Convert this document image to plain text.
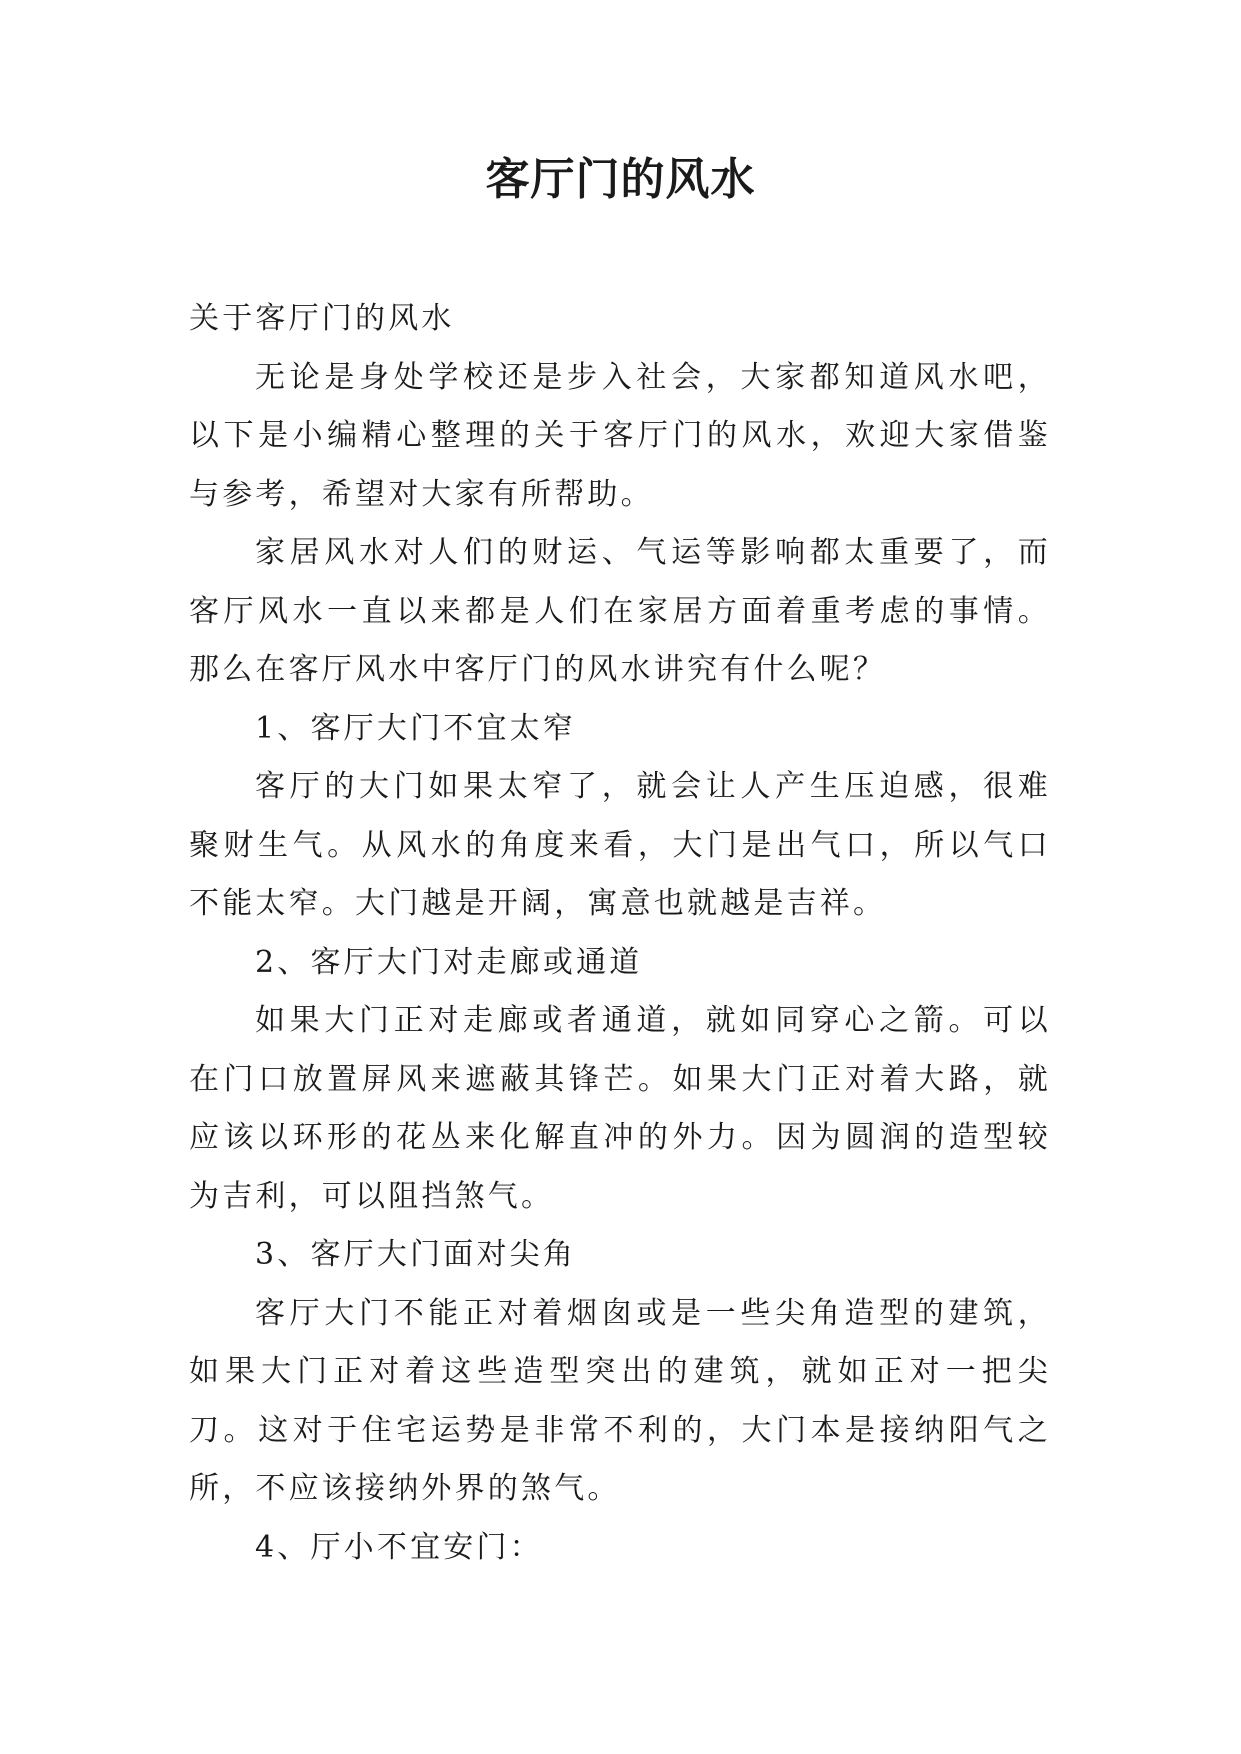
客厅门的风水

关于客厅门的风水

无论是身处学校还是步入社会，大家都知道风水吧，以下是小编精心整理的关于客厅门的风水，欢迎大家借鉴与参考，希望对大家有所帮助。

家居风水对人们的财运、气运等影响都太重要了，而客厅风水一直以来都是人们在家居方面着重考虑的事情。那么在客厅风水中客厅门的风水讲究有什么呢？

1、客厅大门不宜太窄

客厅的大门如果太窄了，就会让人产生压迫感，很难聚财生气。从风水的角度来看，大门是出气口，所以气口不能太窄。大门越是开阔，寓意也就越是吉祥。

2、客厅大门对走廊或通道

如果大门正对走廊或者通道，就如同穿心之箭。可以在门口放置屏风来遮蔽其锋芒。如果大门正对着大路，就应该以环形的花丛来化解直冲的外力。因为圆润的造型较为吉利，可以阻挡煞气。

3、客厅大门面对尖角

客厅大门不能正对着烟囱或是一些尖角造型的建筑，如果大门正对着这些造型突出的建筑，就如正对一把尖刀。这对于住宅运势是非常不利的，大门本是接纳阳气之所，不应该接纳外界的煞气。

4、厅小不宜安门：
